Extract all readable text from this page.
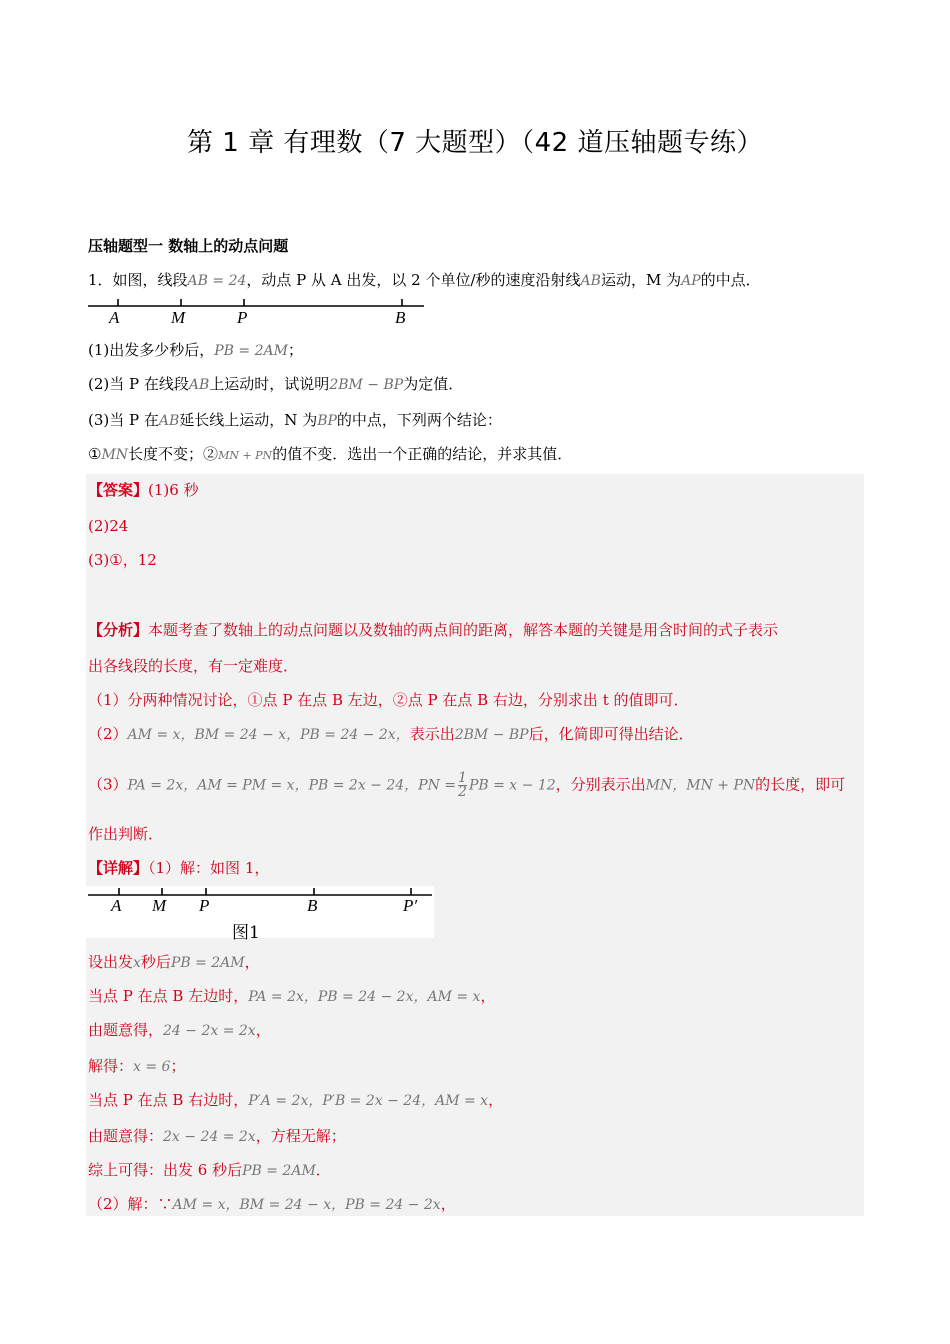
第 1 章 有理数（7 大题型）（42 道压轴题专练）
压轴题型一 数轴上的动点问题
1．如图，线段AB = 24，动点 P 从 A 出发，以 2 个单位/秒的速度沿射线AB运动，M 为AP的中点．
A	M	P	B
(1)出发多少秒后，PB = 2AM；
(2)当 P 在线段AB上运动时，试说明2BM − BP为定值．
(3)当 P 在AB延长线上运动，N 为BP的中点，下列两个结论：
①MN长度不变；②MN + PN的值不变．选出一个正确的结论，并求其值．
【答案】(1)6 秒
(2)24
(3)①，12
【分析】本题考查了数轴上的动点问题以及数轴的两点间的距离，解答本题的关键是用含时间的式子表示
出各线段的长度，有一定难度．
（1）分两种情况讨论，①点 P 在点 B 左边，②点 P 在点 B 右边，分别求出 t 的值即可．
（2）AM = x，BM = 24 − x，PB = 24 − 2x，表示出2BM − BP后，化简即可得出结论．
（3）PA = 2x，AM = PM = x，PB = 2x − 24，PN = $\frac{1}{2}$ PB = x − 12，分别表示出MN，MN + PN的长度，即可
作出判断．
【详解】（1）解：如图 1，
A M P	B	P′
图1
设出发x秒后PB = 2AM，
当点 P 在点 B 左边时，PA = 2x，PB = 24 − 2x，AM = x，
由题意得，24 − 2x = 2x，
解得：x = 6；
当点 P 在点 B 右边时，P′A = 2x，P′B = 2x − 24，AM = x，
由题意得：2x − 24 = 2x，方程无解；
综上可得：出发 6 秒后PB = 2AM．
（2）解：∵AM = x，BM = 24 − x，PB = 24 − 2x，
